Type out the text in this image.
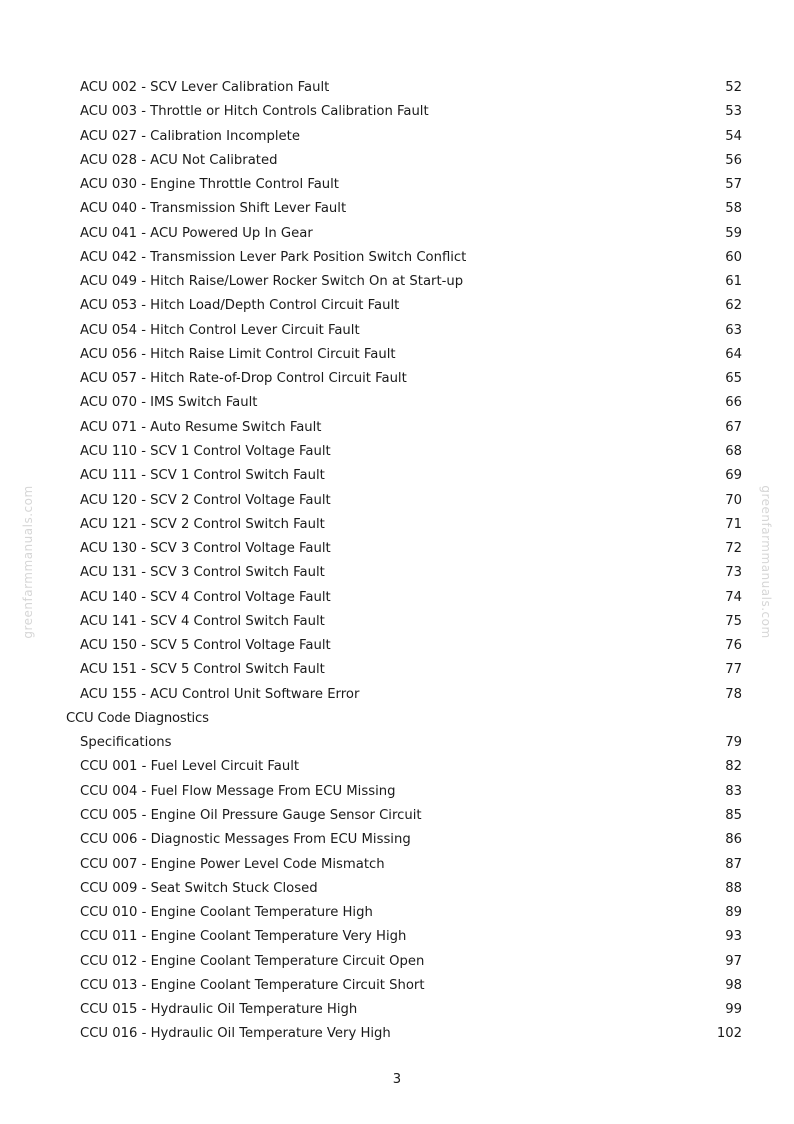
greenfarmmanuals.com	greenfarmmanuals.com
ACU 002 - SCV Lever Calibration Fault	52
ACU 003 - Throttle or Hitch Controls Calibration Fault	53
ACU 027 - Calibration Incomplete	54
ACU 028 - ACU Not Calibrated	56
ACU 030 - Engine Throttle Control Fault	57
ACU 040 - Transmission Shift Lever Fault	58
ACU 041 - ACU Powered Up In Gear	59
ACU 042 - Transmission Lever Park Position Switch Conflict	60
ACU 049 - Hitch Raise/Lower Rocker Switch On at Start-up	61
ACU 053 - Hitch Load/Depth Control Circuit Fault	62
ACU 054 - Hitch Control Lever Circuit Fault	63
ACU 056 - Hitch Raise Limit Control Circuit Fault	64
ACU 057 - Hitch Rate-of-Drop Control Circuit Fault	65
ACU 070 - IMS Switch Fault	66
ACU 071 - Auto Resume Switch Fault	67
ACU 110 - SCV 1 Control Voltage Fault	68
ACU 111 - SCV 1 Control Switch Fault	69
ACU 120 - SCV 2 Control Voltage Fault	70
ACU 121 - SCV 2 Control Switch Fault	71
ACU 130 - SCV 3 Control Voltage Fault	72
ACU 131 - SCV 3 Control Switch Fault	73
ACU 140 - SCV 4 Control Voltage Fault	74
ACU 141 - SCV 4 Control Switch Fault	75
ACU 150 - SCV 5 Control Voltage Fault	76
ACU 151 - SCV 5 Control Switch Fault	77
ACU 155 - ACU Control Unit Software Error	78
CCU Code Diagnostics
Specifications	79
CCU 001 - Fuel Level Circuit Fault	82
CCU 004 - Fuel Flow Message From ECU Missing	83
CCU 005 - Engine Oil Pressure Gauge Sensor Circuit	85
CCU 006 - Diagnostic Messages From ECU Missing	86
CCU 007 - Engine Power Level Code Mismatch	87
CCU 009 - Seat Switch Stuck Closed	88
CCU 010 - Engine Coolant Temperature High	89
CCU 011 - Engine Coolant Temperature Very High	93
CCU 012 - Engine Coolant Temperature Circuit Open	97
CCU 013 - Engine Coolant Temperature Circuit Short	98
CCU 015 - Hydraulic Oil Temperature High	99
CCU 016 - Hydraulic Oil Temperature Very High	102
3
